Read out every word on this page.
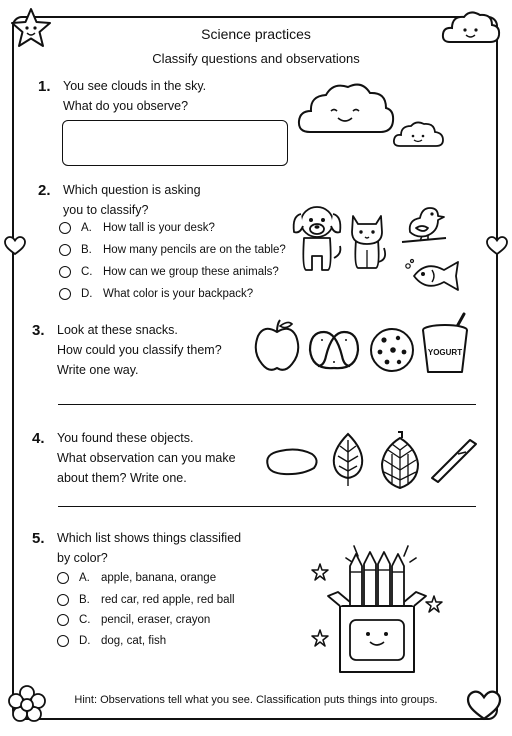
Science practices
Classify questions and observations
1. You see clouds in the sky.
What do you observe?
2. Which question is asking
you to classify?
A. How tall is your desk?
B. How many pencils are on the table?
C. How can we group these animals?
D. What color is your backpack?
3. Look at these snacks.
How could you classify them?
Write one way.
YOGURT
4. You found these objects.
What observation can you make
about them? Write one.
5. Which list shows things classified
by color?
A. apple, banana, orange
B. red car, red apple, red ball
C. pencil, eraser, crayon
D. dog, cat, fish
Hint: Observations tell what you see. Classification puts things into groups.
